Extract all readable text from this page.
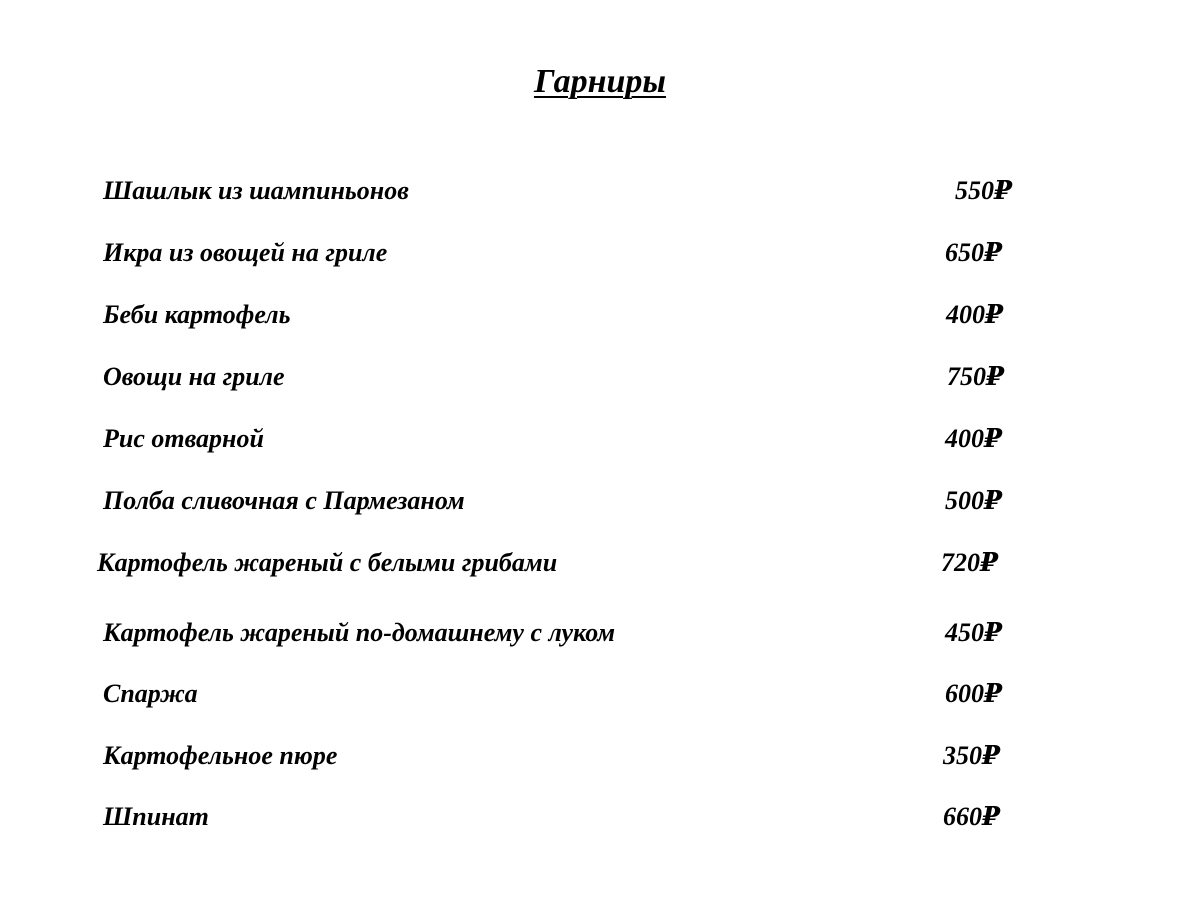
Гарниры
Шашлык из шампиньонов	550₽
Икра из овощей на гриле	650₽
Беби картофель	400₽
Овощи на гриле	750₽
Рис отварной	400₽
Полба сливочная с Пармезаном	500₽
Картофель жареный с белыми грибами	720₽
Картофель жареный по-домашнему с луком	450₽
Спаржа	600₽
Картофельное пюре	350₽
Шпинат	660₽
